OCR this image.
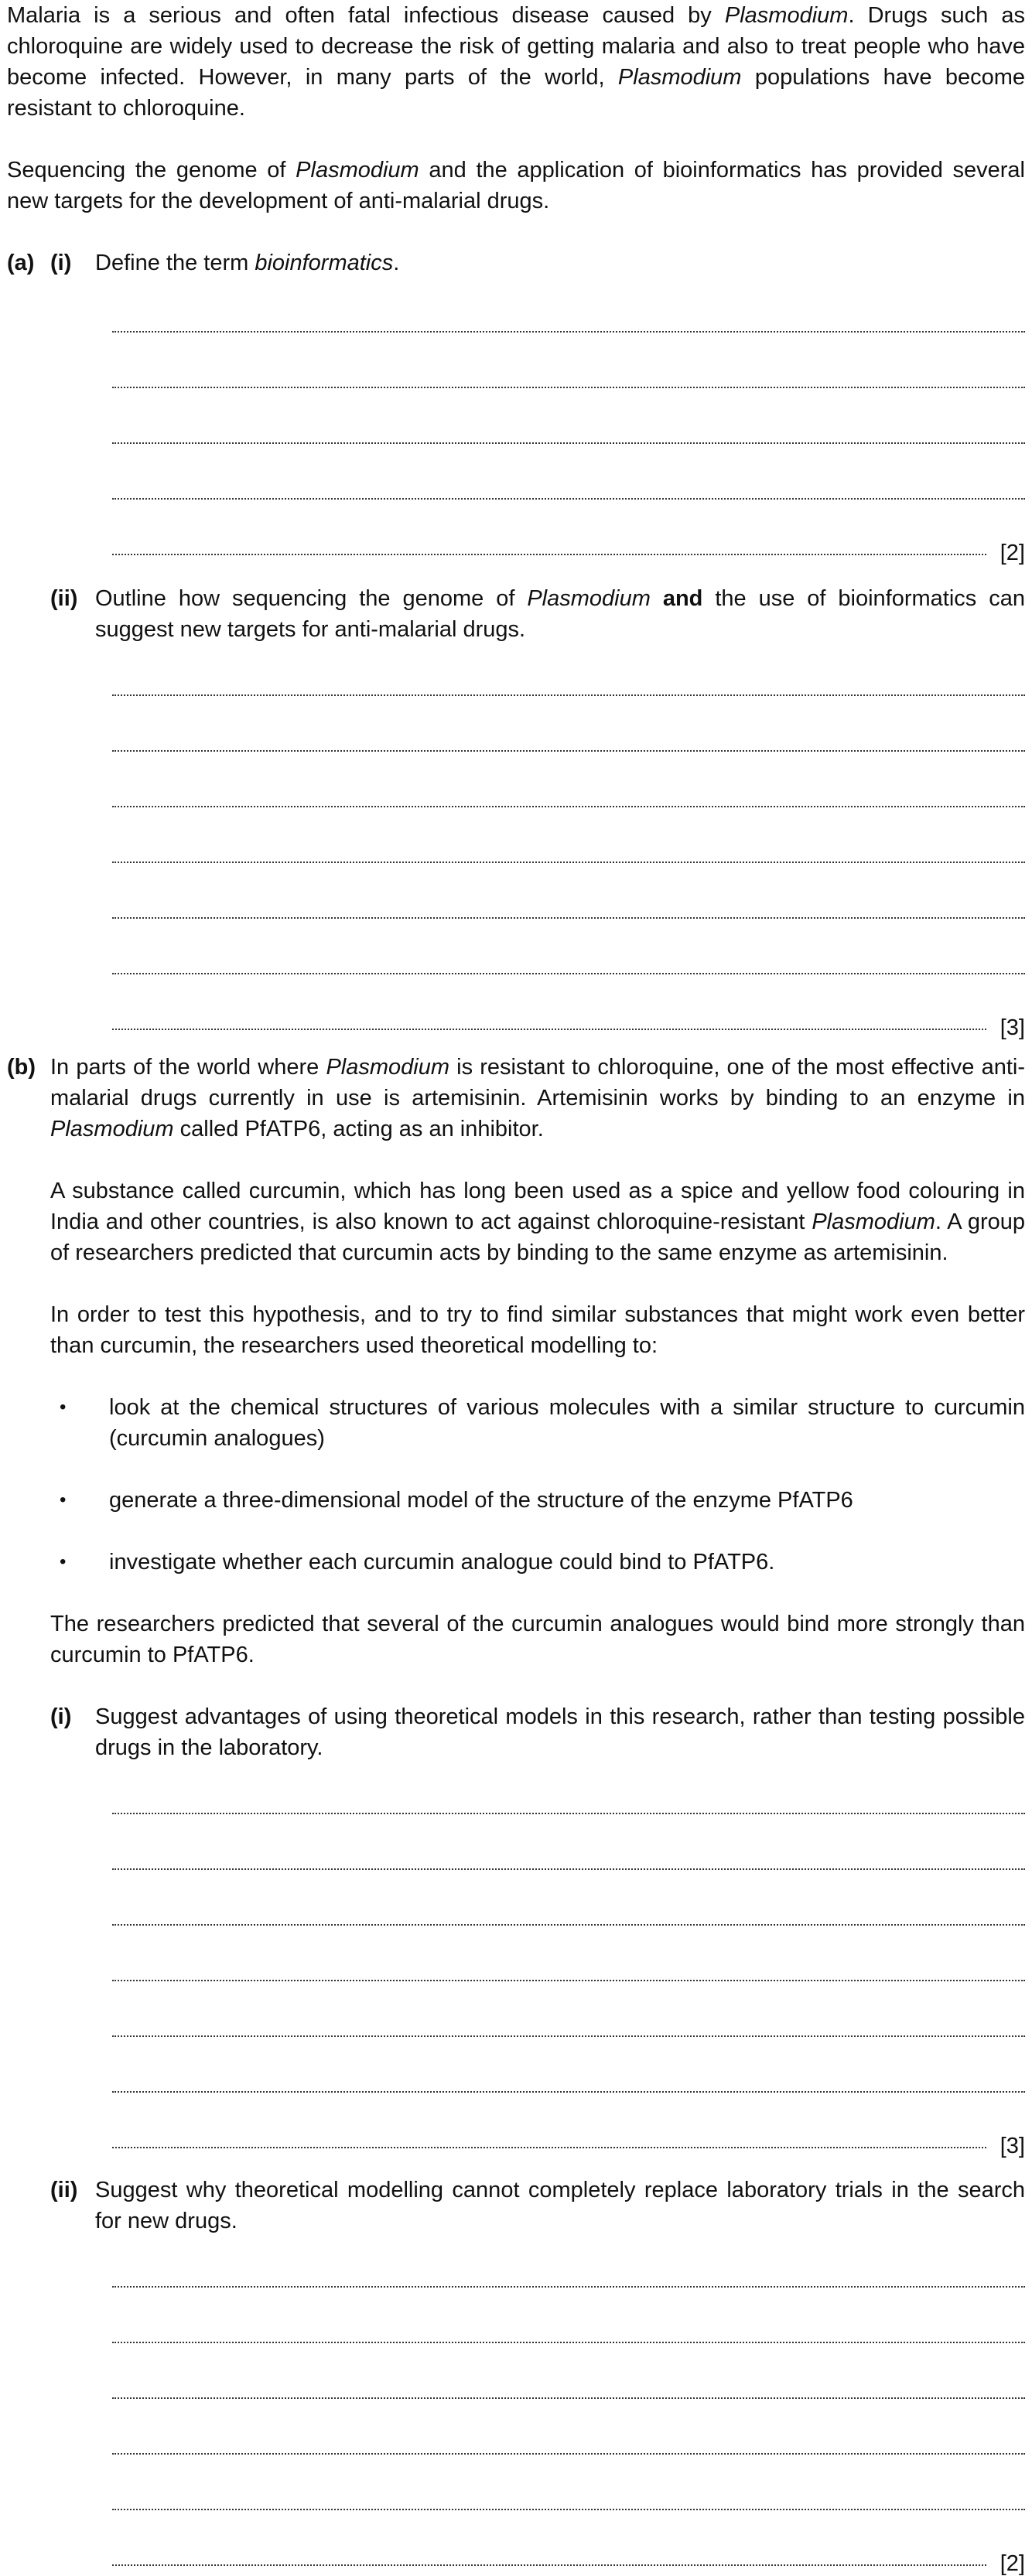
Malaria is a serious and often fatal infectious disease caused by Plasmodium. Drugs such as chloroquine are widely used to decrease the risk of getting malaria and also to treat people who have become infected. However, in many parts of the world, Plasmodium populations have become resistant to chloroquine.

Sequencing the genome of Plasmodium and the application of bioinformatics has provided several new targets for the development of anti-malarial drugs.

(a) (i)	Define the term bioinformatics.
[2]
(ii) Outline how sequencing the genome of Plasmodium and the use of bioinformatics can suggest new targets for anti-malarial drugs.
[3]
(b) In parts of the world where Plasmodium is resistant to chloroquine, one of the most effective anti-malarial drugs currently in use is artemisinin. Artemisinin works by binding to an enzyme in Plasmodium called PfATP6, acting as an inhibitor.

A substance called curcumin, which has long been used as a spice and yellow food colouring in India and other countries, is also known to act against chloroquine-resistant Plasmodium. A group of researchers predicted that curcumin acts by binding to the same enzyme as artemisinin.

In order to test this hypothesis, and to try to find similar substances that might work even better than curcumin, the researchers used theoretical modelling to:

•	look at the chemical structures of various molecules with a similar structure to curcumin (curcumin analogues)
•	generate a three-dimensional model of the structure of the enzyme PfATP6
•	investigate whether each curcumin analogue could bind to PfATP6.

The researchers predicted that several of the curcumin analogues would bind more strongly than curcumin to PfATP6.

(i)	Suggest advantages of using theoretical models in this research, rather than testing possible drugs in the laboratory.
[3]
(ii) Suggest why theoretical modelling cannot completely replace laboratory trials in the search for new drugs.
[2]
